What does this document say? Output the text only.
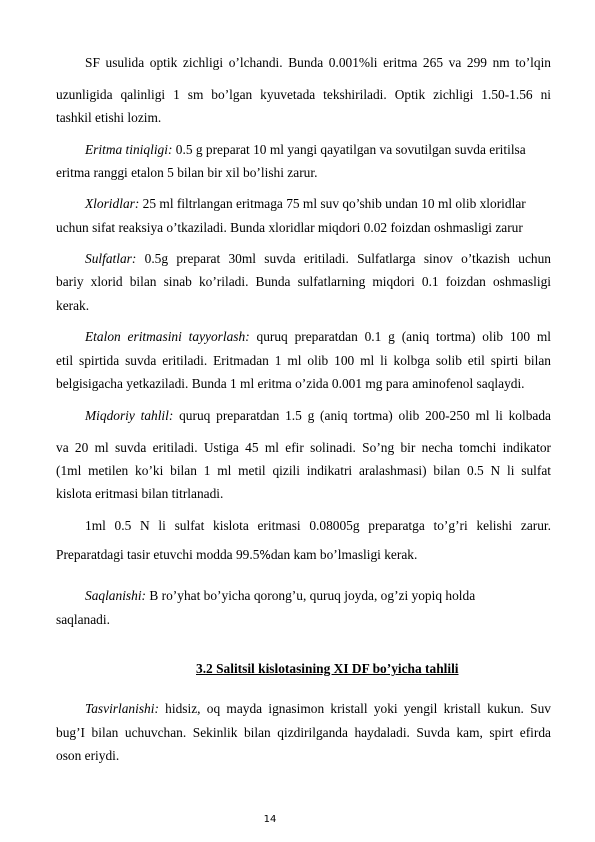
SF usulida optik zichligi o’lchandi. Bunda 0.001%li eritma 265 va 299 nm to’lqin
uzunligida qalinligi 1 sm bo’lgan kyuvetada tekshiriladi. Optik zichligi 1.50-1.56 ni
tashkil etishi lozim.
Eritma tiniqligi: 0.5 g preparat 10 ml yangi qayatilgan va sovutilgan suvda eritilsa
eritma ranggi etalon 5 bilan bir xil bo’lishi zarur.
Xloridlar: 25 ml filtrlangan eritmaga 75 ml suv qo’shib undan 10 ml olib xloridlar
uchun sifat reaksiya o’tkaziladi. Bunda xloridlar miqdori 0.02 foizdan oshmasligi zarur
Sulfatlar: 0.5g preparat 30ml suvda eritiladi. Sulfatlarga sinov o’tkazish uchun
bariy xlorid bilan sinab ko’riladi. Bunda sulfatlarning miqdori 0.1 foizdan oshmasligi
kerak.
Etalon eritmasini tayyorlash: quruq preparatdan 0.1 g (aniq tortma) olib 100 ml
etil spirtida suvda eritiladi. Eritmadan 1 ml olib 100 ml li kolbga solib etil spirti bilan
belgisigacha yetkaziladi. Bunda 1 ml eritma o’zida 0.001 mg para aminofenol saqlaydi.
Miqdoriy tahlil: quruq preparatdan 1.5 g (aniq tortma) olib 200-250 ml li kolbada
va 20 ml suvda eritiladi. Ustiga 45 ml efir solinadi. So’ng bir necha tomchi indikator
(1ml metilen ko’ki bilan 1 ml metil qizili indikatri aralashmasi) bilan 0.5 N li sulfat
kislota eritmasi bilan titrlanadi.
1ml 0.5 N li sulfat kislota eritmasi 0.08005g preparatga to’g’ri kelishi zarur.
Preparatdagi tasir etuvchi modda 99.5%dan kam bo’lmasligi kerak.
Saqlanishi: B ro’yhat bo’yicha qorong’u, quruq joyda, og’zi yopiq holda
saqlanadi.
3.2 Salitsil kislotasining XI DF bo’yicha tahlili
Tasvirlanishi: hidsiz, oq mayda ignasimon kristall yoki yengil kristall kukun. Suv
bug’I bilan uchuvchan. Sekinlik bilan qizdirilganda haydaladi. Suvda kam, spirt efirda
oson eriydi.
14
